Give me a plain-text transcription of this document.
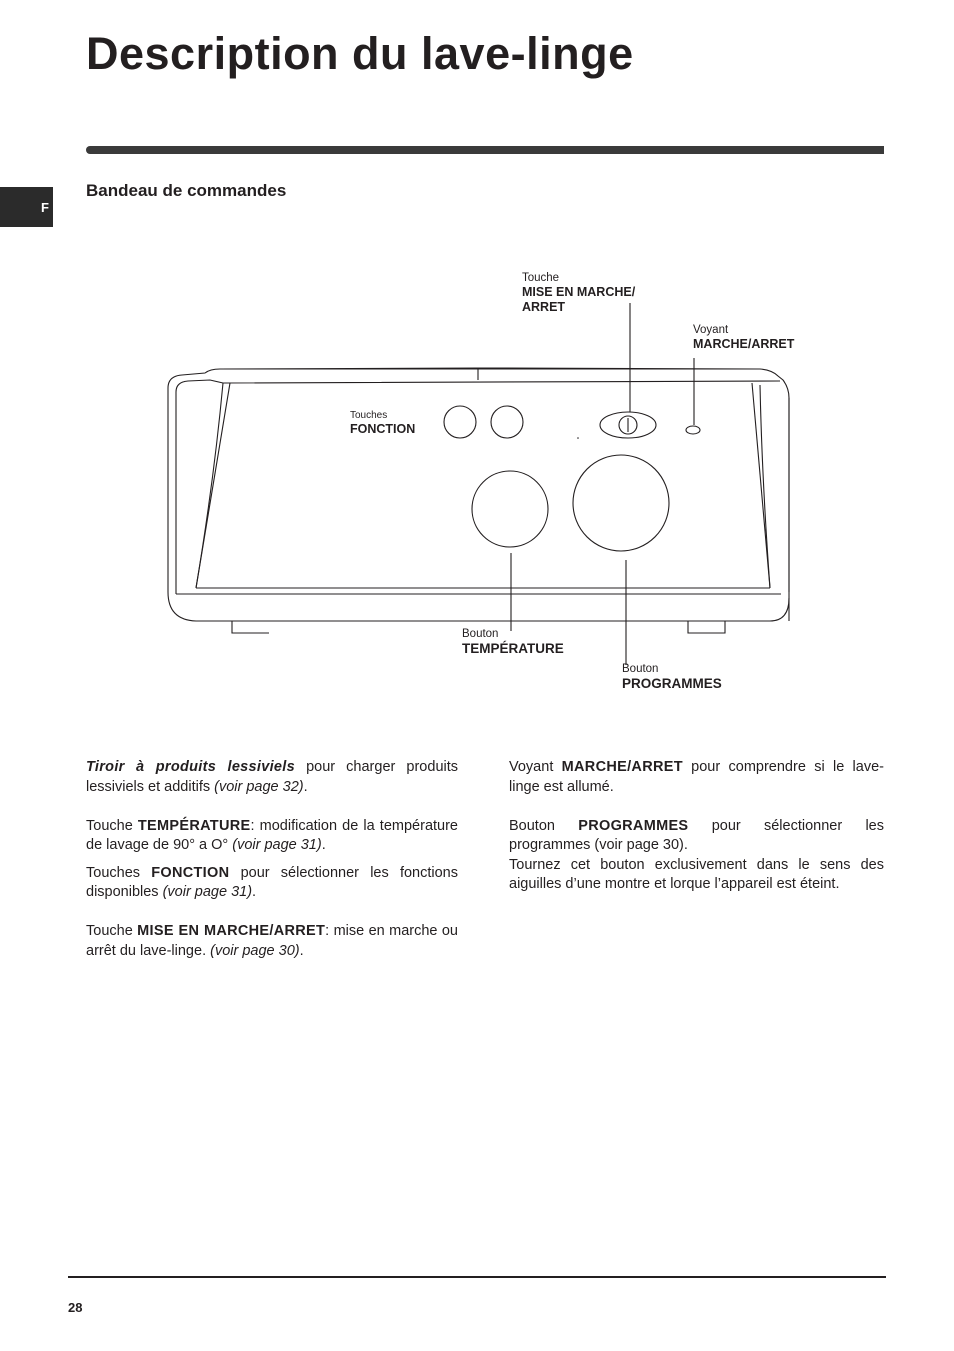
Description du lave-linge
F
Bandeau de commandes
Touche
MISE EN MARCHE/
ARRET
Voyant
MARCHE/ARRET
Touches
FONCTION
Bouton
TEMPÉRATURE
Bouton
PROGRAMMES

Tiroir à produits lessiviels pour charger produits lessiviels et additifs (voir page 32).

Touche TEMPÉRATURE: modification de la température de lavage de 90° a O° (voir page 31).

Touches FONCTION pour sélectionner les fonctions disponibles (voir page 31).

Touche MISE EN MARCHE/ARRET: mise en marche ou arrêt du lave-linge. (voir page 30).

Voyant MARCHE/ARRET pour comprendre si le lave-linge est allumé.

Bouton PROGRAMMES pour sélectionner les programmes (voir page 30).

Tournez cet bouton exclusivement dans le sens des aiguilles d’une montre et lorque l’appareil est éteint.

28
